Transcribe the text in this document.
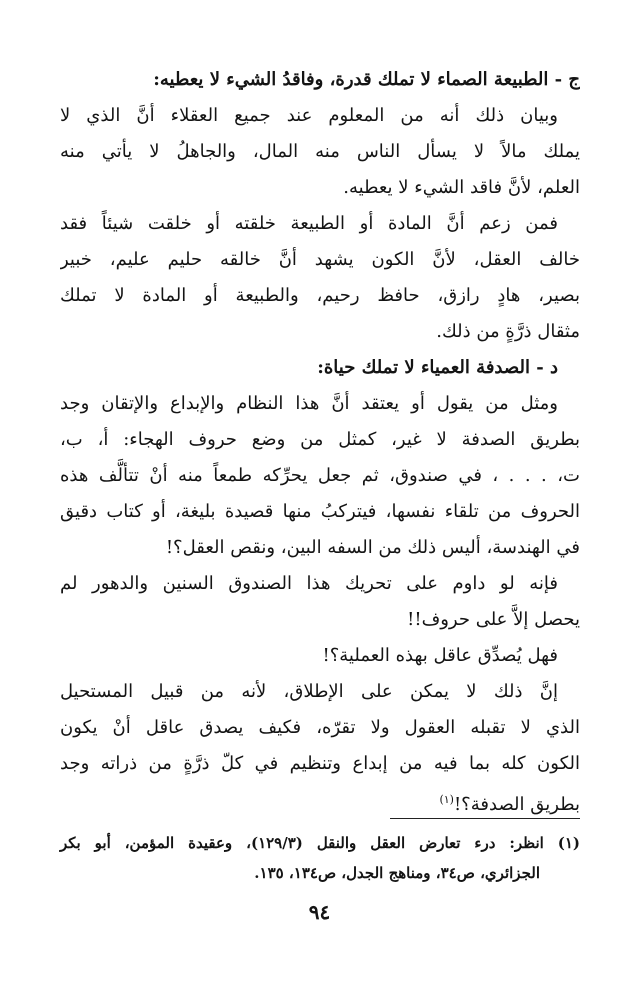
ج - الطبيعة الصماء لا تملك قدرة، وفاقدُ الشيء لا يعطيه:
وبيان ذلك أنه من المعلوم عند جميع العقلاء أنَّ الذي لا
يملك مالاً لا يسأل الناس منه المال، والجاهلُ لا يأتي منه
العلم، لأنَّ فاقد الشيء لا يعطيه.
فمن زعم أنَّ المادة أو الطبيعة خلقته أو خلقت شيئاً فقد
خالف العقل، لأنَّ الكون يشهد أنَّ خالقه حليم عليم، خبير
بصير، هادٍ رازق، حافظ رحيم، والطبيعة أو المادة لا تملك
مثقال ذرَّةٍ من ذلك.
د - الصدفة العمياء لا تملك حياة:
ومثل من يقول أو يعتقد أنَّ هذا النظام والإبداع والإتقان وجد
بطريق الصدفة لا غير، كمثل من وضع حروف الهجاء: أ، ب،
ت، . . . ، في صندوق، ثم جعل يحرِّكه طمعاً منه أنْ تتألَّف هذه
الحروف من تلقاء نفسها، فيتركبُ منها قصيدة بليغة، أو كتاب دقيق
في الهندسة، أليس ذلك من السفه البين، ونقص العقل؟!
فإنه لو داوم على تحريك هذا الصندوق السنين والدهور لم
يحصل إلاَّ على حروف!!
فهل يُصدِّق عاقل بهذه العملية؟!
إنَّ ذلك لا يمكن على الإطلاق، لأنه من قبيل المستحيل
الذي لا تقبله العقول ولا تقرّه، فكيف يصدق عاقل أنْ يكون
الكون كله بما فيه من إبداع وتنظيم في كلّ ذرَّةٍ من ذراته وجد
بطريق الصدفة؟!$^{(١)}$
(١) انظر: درء تعارض العقل والنقل (١٢٩/٣)، وعقيدة المؤمن، أبو بكر
الجزائري، ص٣٤، ومناهج الجدل، ص١٣٤، ١٣٥.
٩٤
